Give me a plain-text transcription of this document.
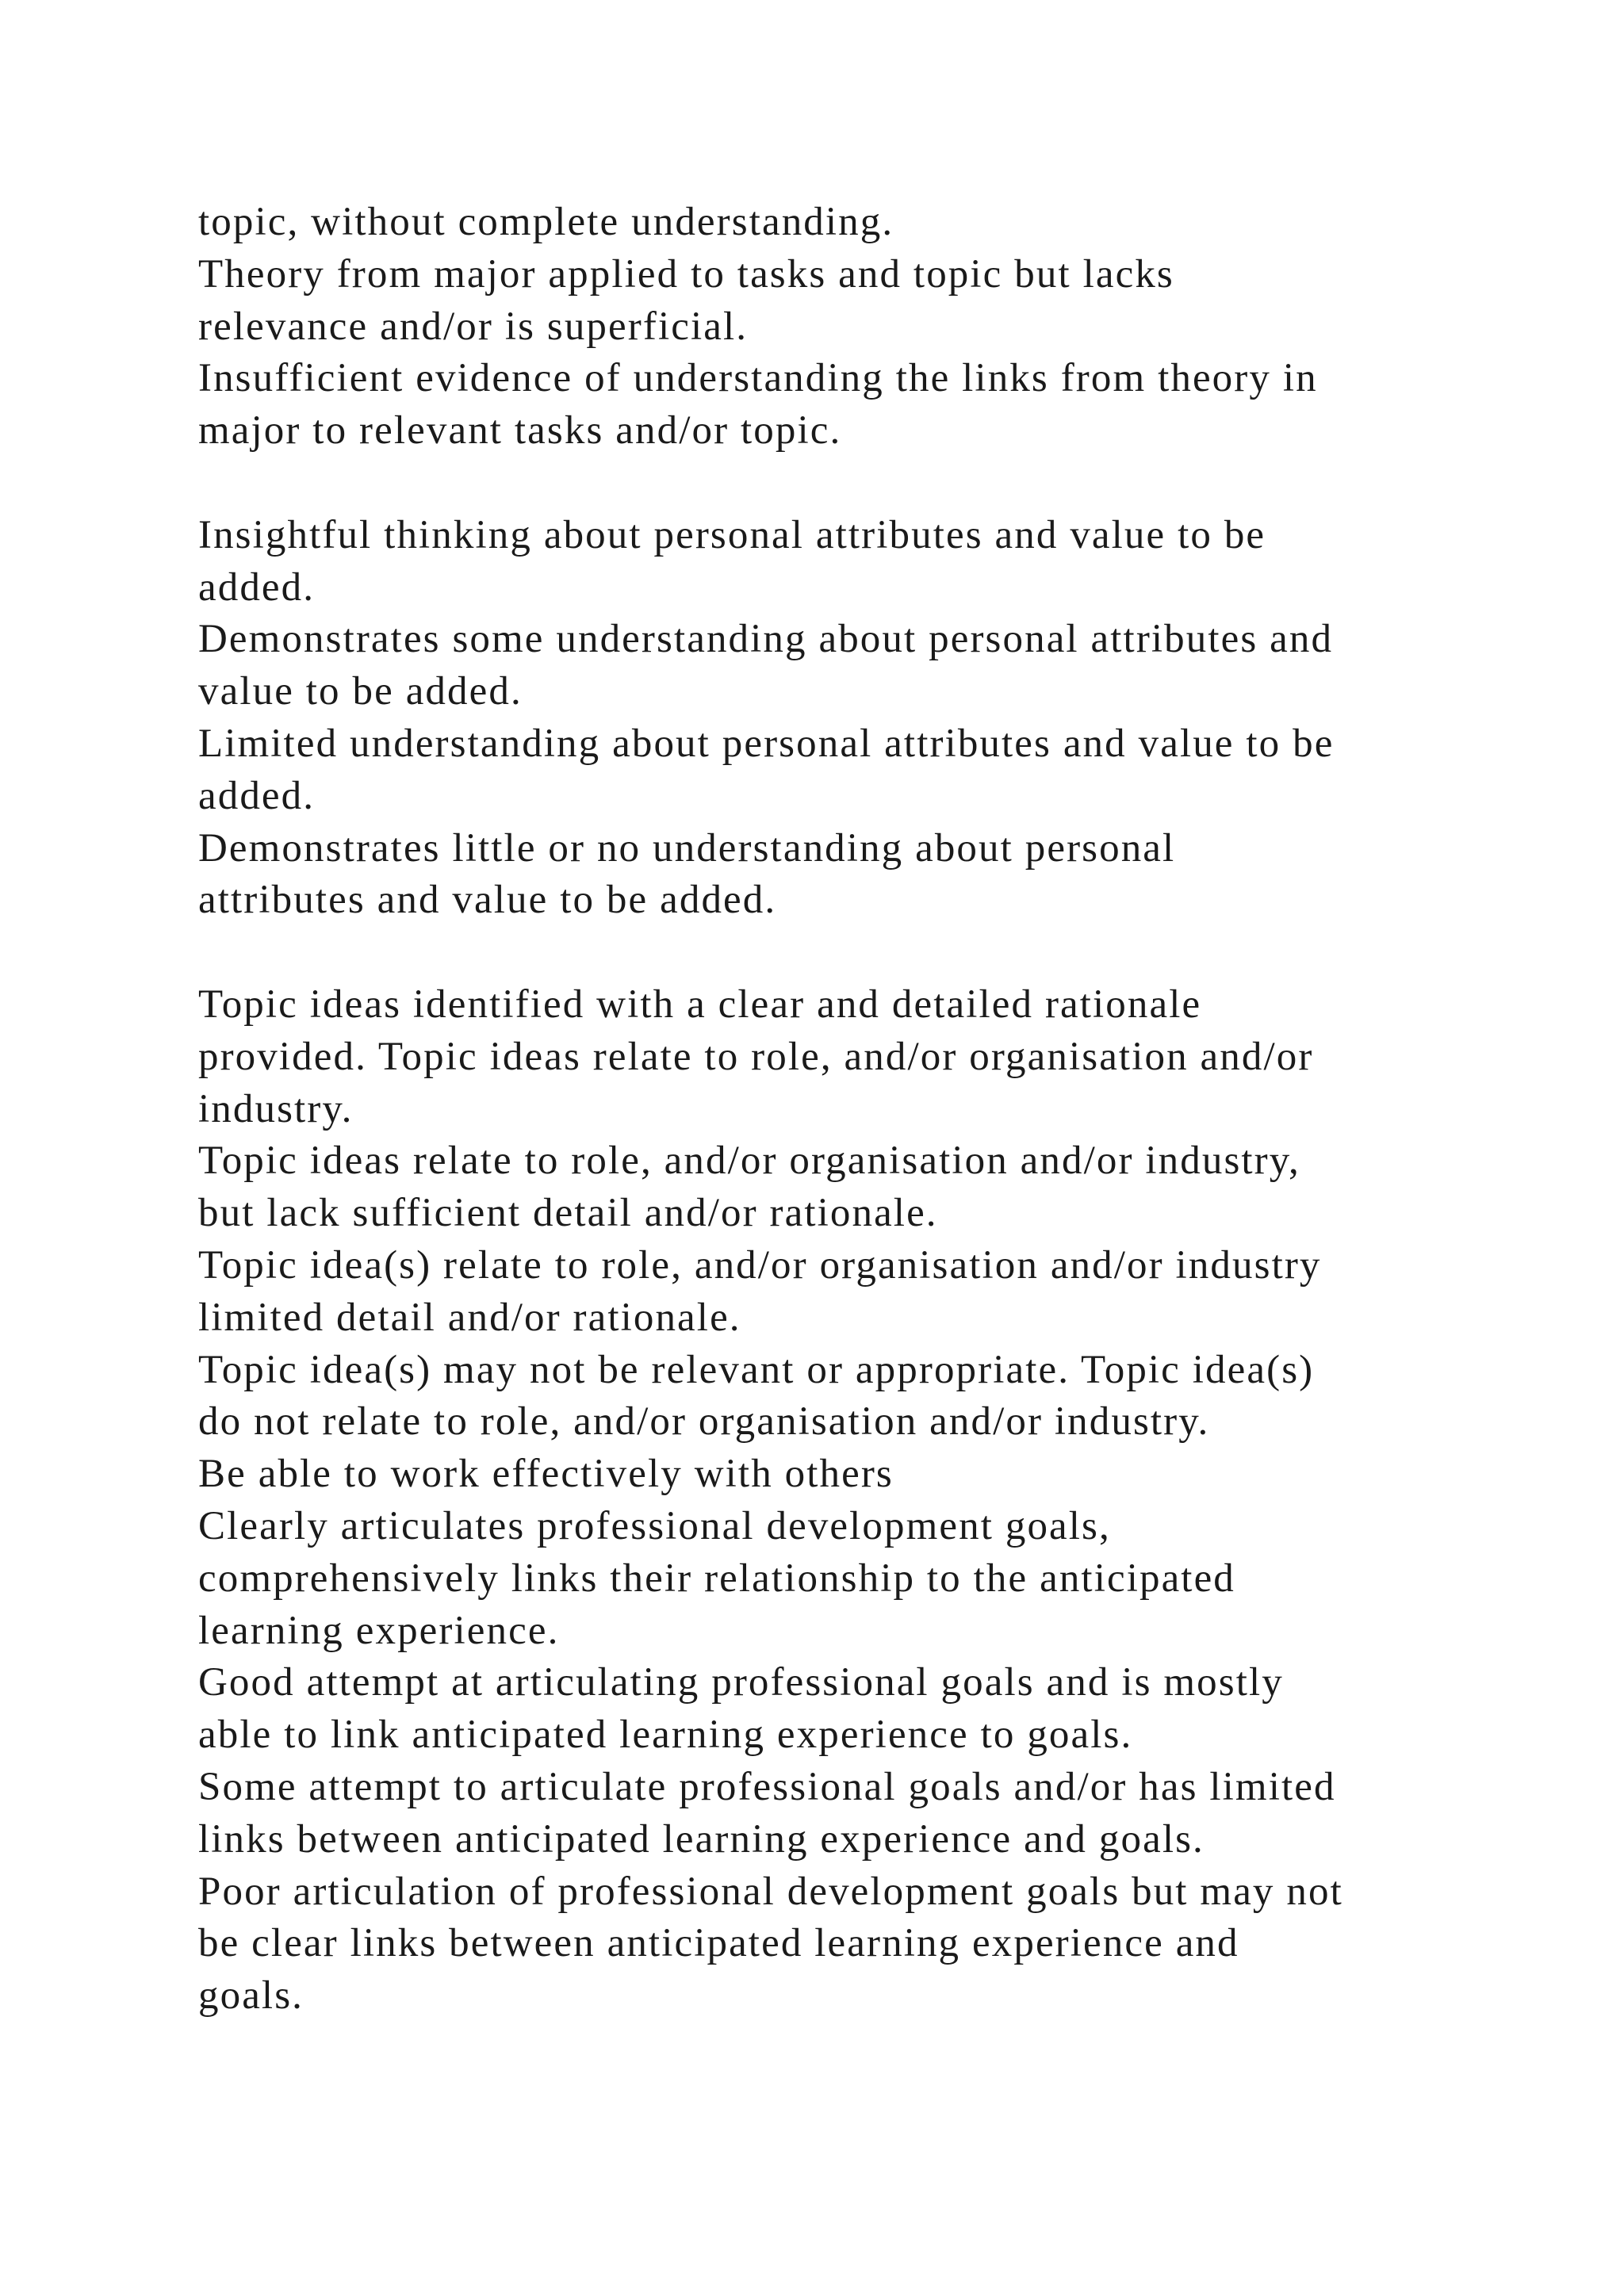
topic, without complete understanding.
Theory from major applied to tasks and topic but lacks
relevance and/or is superficial.
Insufficient evidence of understanding the links from theory in
major to relevant tasks and/or topic.
Insightful thinking about personal attributes and value to be
added.
Demonstrates some understanding about personal attributes and
value to be added.
Limited understanding about personal attributes and value to be
added.
Demonstrates little or no understanding about personal
attributes and value to be added.
Topic ideas identified with a clear and detailed rationale
provided. Topic ideas relate to role, and/or organisation and/or
industry.
Topic ideas relate to role, and/or organisation and/or industry,
but lack sufficient detail and/or rationale.
Topic idea(s) relate to role, and/or organisation and/or industry
limited detail and/or rationale.
Topic idea(s) may not be relevant or appropriate. Topic idea(s)
do not relate to role, and/or organisation and/or industry.
Be able to work effectively with others
Clearly articulates professional development goals,
comprehensively links their relationship to the anticipated
learning experience.
Good attempt at articulating professional goals and is mostly
able to link anticipated learning experience to goals.
Some attempt to articulate professional goals and/or has limited
links between anticipated learning experience and goals.
Poor articulation of professional development goals but may not
be clear links between anticipated learning experience and
goals.
